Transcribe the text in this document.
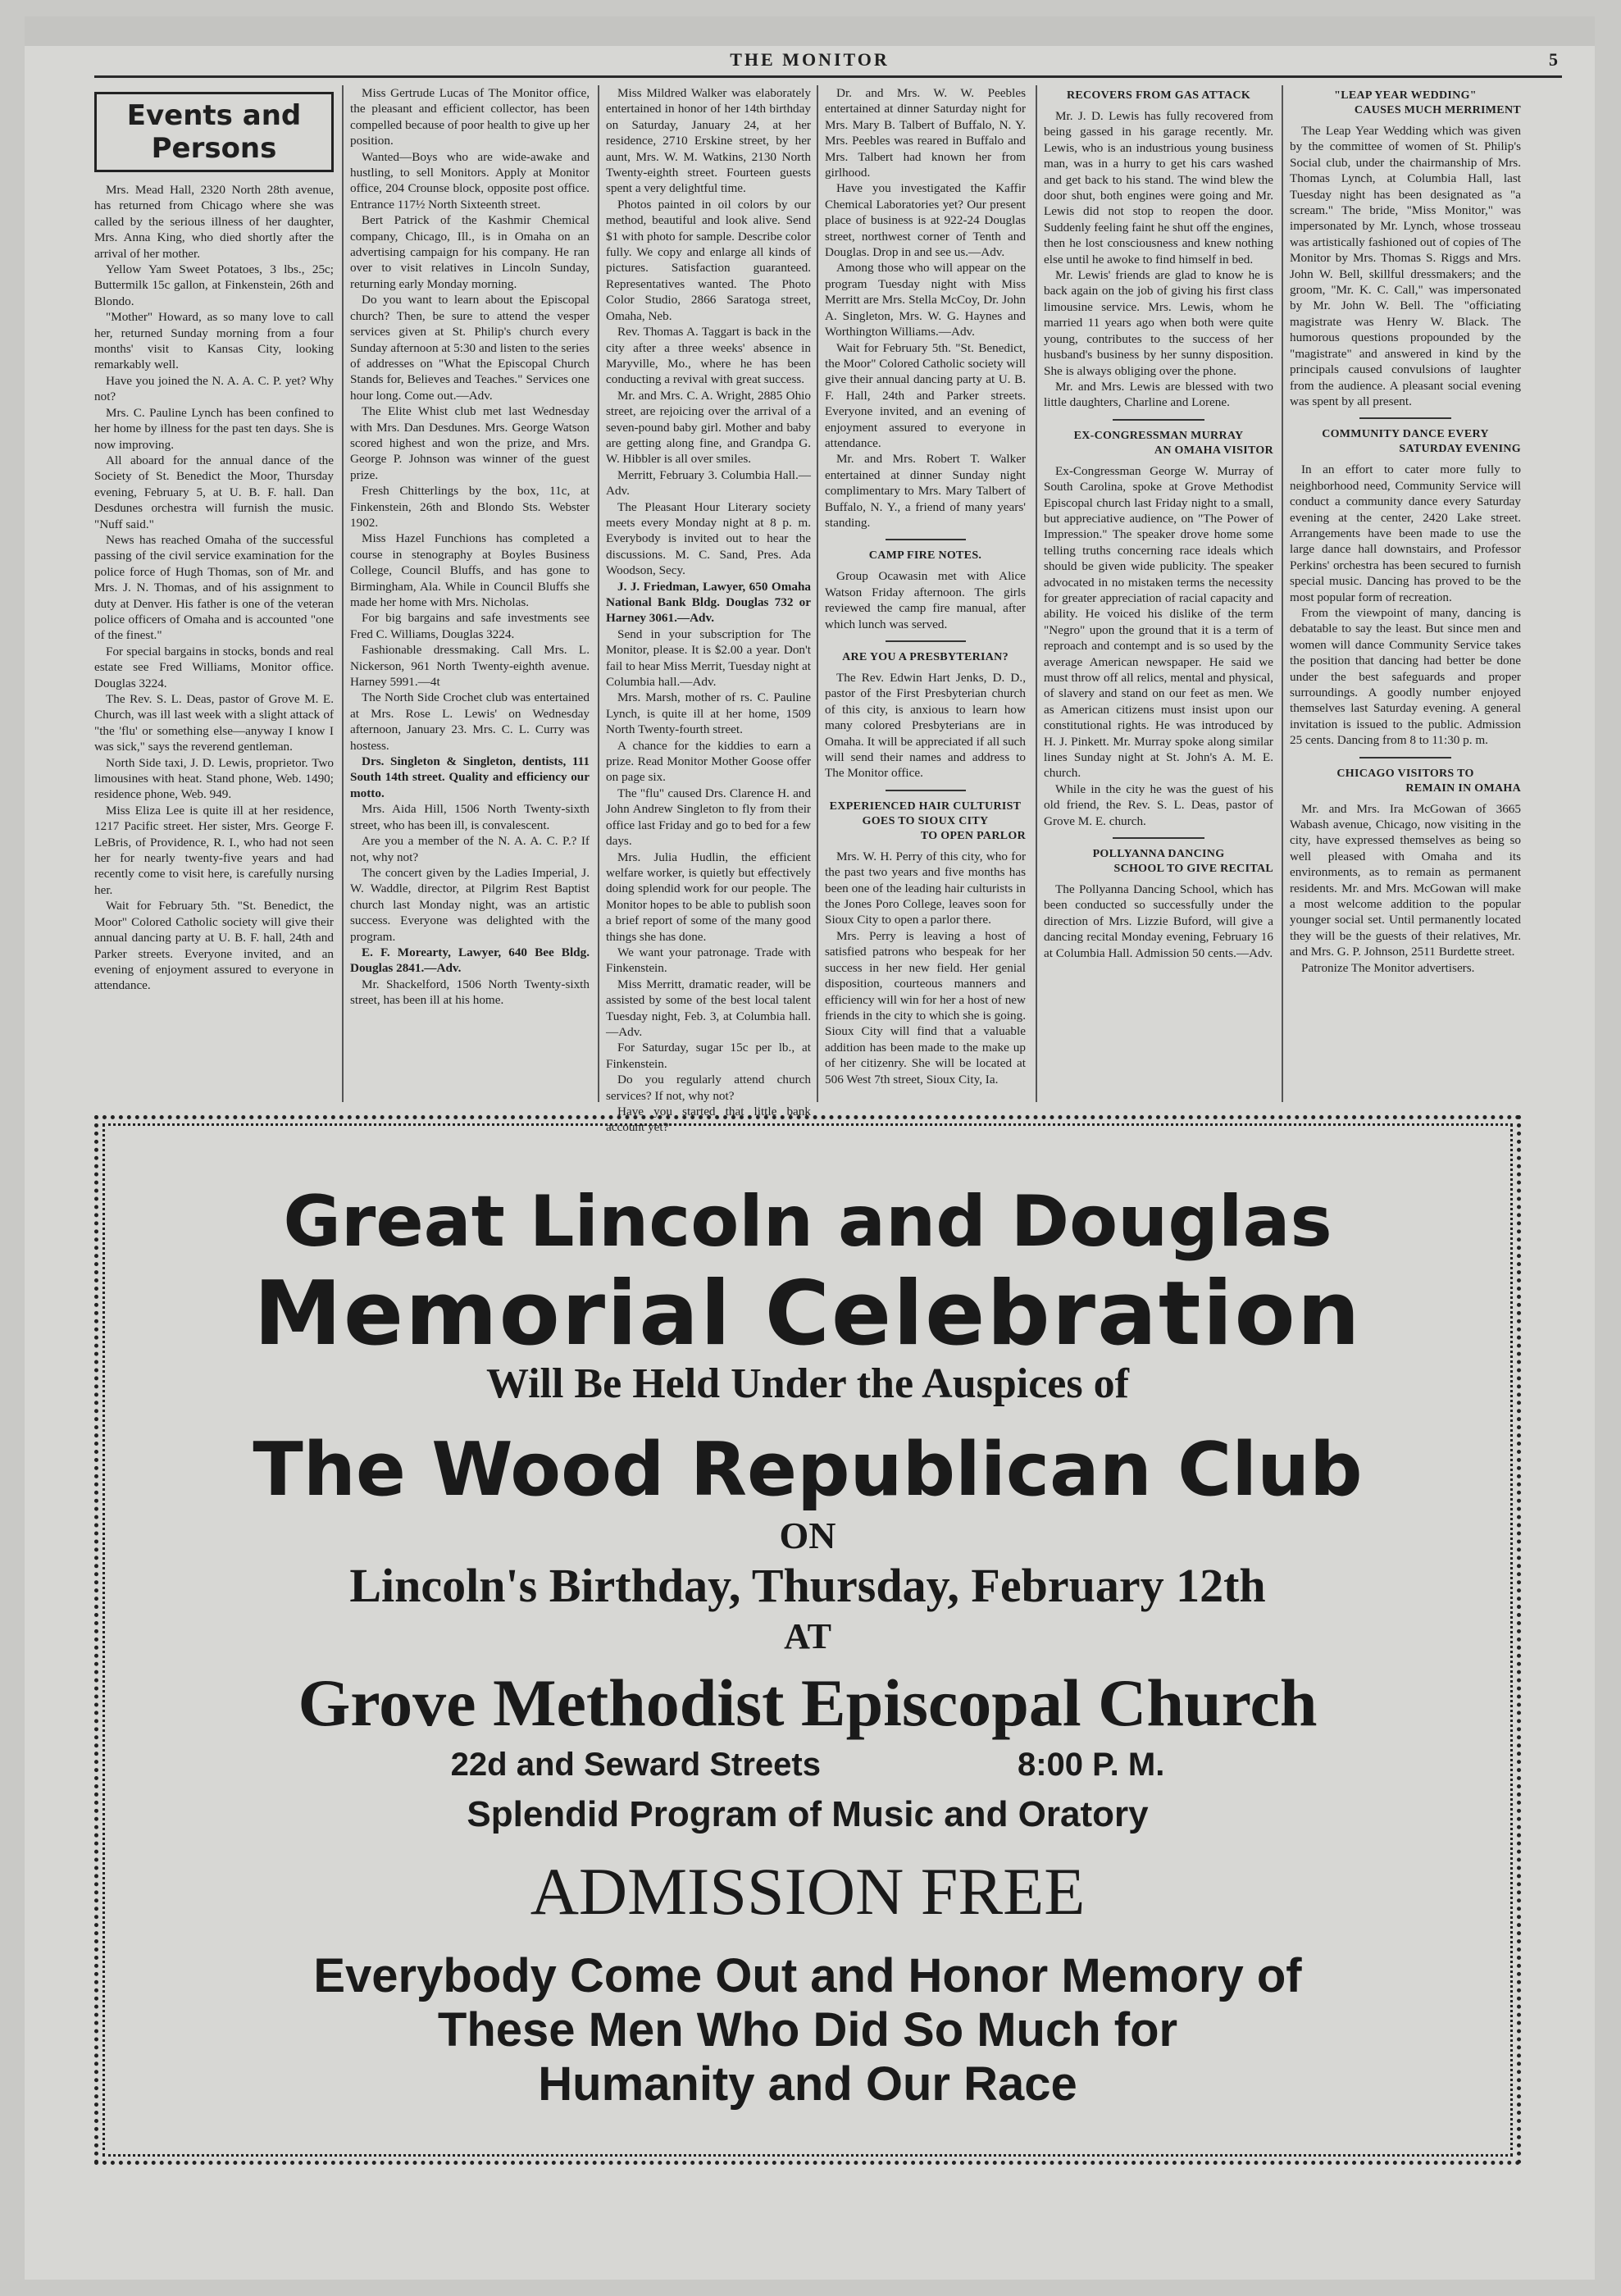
THE MONITOR	5
Events and
Persons

Mrs. Mead Hall, 2320 North 28th avenue, has returned from Chicago where she was called by the serious illness of her daughter, Mrs. Anna King, who died shortly after the arrival of her mother.

Yellow Yam Sweet Potatoes, 3 lbs., 25c; Buttermilk 15c gallon, at Finkenstein, 26th and Blondo.

"Mother" Howard, as so many love to call her, returned Sunday morning from a four months' visit to Kansas City, looking remarkably well.

Have you joined the N. A. A. C. P. yet? Why not?

Mrs. C. Pauline Lynch has been confined to her home by illness for the past ten days. She is now improving.

All aboard for the annual dance of the Society of St. Benedict the Moor, Thursday evening, February 5, at U. B. F. hall. Dan Desdunes orchestra will furnish the music. "Nuff said."

News has reached Omaha of the successful passing of the civil service examination for the police force of Hugh Thomas, son of Mr. and Mrs. J. N. Thomas, and of his assignment to duty at Denver. His father is one of the veteran police officers of Omaha and is accounted "one of the finest."

For special bargains in stocks, bonds and real estate see Fred Williams, Monitor office. Douglas 3224.

The Rev. S. L. Deas, pastor of Grove M. E. Church, was ill last week with a slight attack of "the 'flu' or something else—anyway I know I was sick," says the reverend gentleman.

North Side taxi, J. D. Lewis, proprietor. Two limousines with heat. Stand phone, Web. 1490; residence phone, Web. 949.

Miss Eliza Lee is quite ill at her residence, 1217 Pacific street. Her sister, Mrs. George F. LeBris, of Providence, R. I., who had not seen her for nearly twenty-five years and had recently come to visit here, is carefully nursing her.

Wait for February 5th. "St. Benedict, the Moor" Colored Catholic society will give their annual dancing party at U. B. F. hall, 24th and Parker streets. Everyone invited, and an evening of enjoyment assured to everyone in attendance.

Miss Gertrude Lucas of The Monitor office, the pleasant and efficient collector, has been compelled because of poor health to give up her position.

Wanted—Boys who are wide-awake and hustling, to sell Monitors. Apply at Monitor office, 204 Crounse block, opposite post office. Entrance 117½ North Sixteenth street.

Bert Patrick of the Kashmir Chemical company, Chicago, Ill., is in Omaha on an advertising campaign for his company. He ran over to visit relatives in Lincoln Sunday, returning early Monday morning.

Do you want to learn about the Episcopal church? Then, be sure to attend the vesper services given at St. Philip's church every Sunday afternoon at 5:30 and listen to the series of addresses on "What the Episcopal Church Stands for, Believes and Teaches." Services one hour long. Come out.—Adv.

The Elite Whist club met last Wednesday with Mrs. Dan Desdunes. Mrs. George Watson scored highest and won the prize, and Mrs. George P. Johnson was winner of the guest prize.

Fresh Chitterlings by the box, 11c, at Finkenstein, 26th and Blondo Sts. Webster 1902.

Miss Hazel Funchions has completed a course in stenography at Boyles Business College, Council Bluffs, and has gone to Birmingham, Ala. While in Council Bluffs she made her home with Mrs. Nicholas.

For big bargains and safe investments see Fred C. Williams, Douglas 3224.

Fashionable dressmaking. Call Mrs. L. Nickerson, 961 North Twenty-eighth avenue. Harney 5991.—4t

The North Side Crochet club was entertained at Mrs. Rose L. Lewis' on Wednesday afternoon, January 23. Mrs. C. L. Curry was hostess.

Drs. Singleton & Singleton, dentists, 111 South 14th street. Quality and efficiency our motto.

Mrs. Aida Hill, 1506 North Twenty-sixth street, who has been ill, is convalescent.

Are you a member of the N. A. A. C. P.? If not, why not?

The concert given by the Ladies Imperial, J. W. Waddle, director, at Pilgrim Rest Baptist church last Monday night, was an artistic success. Everyone was delighted with the program.

E. F. Morearty, Lawyer, 640 Bee Bldg. Douglas 2841.—Adv.

Mr. Shackelford, 1506 North Twenty-sixth street, has been ill at his home.

Miss Mildred Walker was elaborately entertained in honor of her 14th birthday on Saturday, January 24, at her residence, 2710 Erskine street, by her aunt, Mrs. W. M. Watkins, 2130 North Twenty-eighth street. Fourteen guests spent a very delightful time.

Photos painted in oil colors by our method, beautiful and look alive. Send $1 with photo for sample. Describe color fully. We copy and enlarge all kinds of pictures. Satisfaction guaranteed. Representatives wanted. The Photo Color Studio, 2866 Saratoga street, Omaha, Neb.

Rev. Thomas A. Taggart is back in the city after a three weeks' absence in Maryville, Mo., where he has been conducting a revival with great success.

Mr. and Mrs. C. A. Wright, 2885 Ohio street, are rejoicing over the arrival of a seven-pound baby girl. Mother and baby are getting along fine, and Grandpa G. W. Hibbler is all over smiles.

Merritt, February 3. Columbia Hall.—Adv.

The Pleasant Hour Literary society meets every Monday night at 8 p. m. Everybody is invited out to hear the discussions. M. C. Sand, Pres. Ada Woodson, Secy.

J. J. Friedman, Lawyer, 650 Omaha National Bank Bldg. Douglas 732 or Harney 3061.—Adv.

Send in your subscription for The Monitor, please. It is $2.00 a year. Don't fail to hear Miss Merrit, Tuesday night at Columbia hall.—Adv.

Mrs. Marsh, mother of rs. C. Pauline Lynch, is quite ill at her home, 1509 North Twenty-fourth street.

A chance for the kiddies to earn a prize. Read Monitor Mother Goose offer on page six.

The "flu" caused Drs. Clarence H. and John Andrew Singleton to fly from their office last Friday and go to bed for a few days.

Mrs. Julia Hudlin, the efficient welfare worker, is quietly but effectively doing splendid work for our people. The Monitor hopes to be able to publish soon a brief report of some of the many good things she has done.

We want your patronage. Trade with Finkenstein.

Miss Merritt, dramatic reader, will be assisted by some of the best local talent Tuesday night, Feb. 3, at Columbia hall.—Adv.

For Saturday, sugar 15c per lb., at Finkenstein.

Do you regularly attend church services? If not, why not?

Have you started that little bank account yet?

Dr. and Mrs. W. W. Peebles entertained at dinner Saturday night for Mrs. Mary B. Talbert of Buffalo, N. Y. Mrs. Peebles was reared in Buffalo and Mrs. Talbert had known her from girlhood.

Have you investigated the Kaffir Chemical Laboratories yet? Our present place of business is at 922-24 Douglas street, northwest corner of Tenth and Douglas. Drop in and see us.—Adv.

Among those who will appear on the program Tuesday night with Miss Merritt are Mrs. Stella McCoy, Dr. John A. Singleton, Mrs. W. G. Haynes and Worthington Williams.—Adv.

Wait for February 5th. "St. Benedict, the Moor" Colored Catholic society will give their annual dancing party at U. B. F. Hall, 24th and Parker streets. Everyone invited, and an evening of enjoyment assured to everyone in attendance.

Mr. and Mrs. Robert T. Walker entertained at dinner Sunday night complimentary to Mrs. Mary Talbert of Buffalo, N. Y., a friend of many years' standing.

CAMP FIRE NOTES.

Group Ocawasin met with Alice Watson Friday afternoon. The girls reviewed the camp fire manual, after which lunch was served.

ARE YOU A PRESBYTERIAN?

The Rev. Edwin Hart Jenks, D. D., pastor of the First Presbyterian church of this city, is anxious to learn how many colored Presbyterians are in Omaha. It will be appreciated if all such will send their names and address to The Monitor office.

EXPERIENCED HAIR CULTURIST
GOES TO SIOUX CITY
TO OPEN PARLOR

Mrs. W. H. Perry of this city, who for the past two years and five months has been one of the leading hair culturists in the Jones Poro College, leaves soon for Sioux City to open a parlor there.

Mrs. Perry is leaving a host of satisfied patrons who bespeak for her success in her new field. Her genial disposition, courteous manners and efficiency will win for her a host of new friends in the city to which she is going. Sioux City will find that a valuable addition has been made to the make up of her citizenry. She will be located at 506 West 7th street, Sioux City, Ia.

RECOVERS FROM GAS ATTACK

Mr. J. D. Lewis has fully recovered from being gassed in his garage recently. Mr. Lewis, who is an industrious young business man, was in a hurry to get his cars washed and get back to his stand. The wind blew the door shut, both engines were going and Mr. Lewis did not stop to reopen the door. Suddenly feeling faint he shut off the engines, then he lost consciousness and knew nothing else until he awoke to find himself in bed.

Mr. Lewis' friends are glad to know he is back again on the job of giving his first class limousine service. Mrs. Lewis, whom he married 11 years ago when both were quite young, contributes to the success of her husband's business by her sunny disposition. She is always obliging over the phone.

Mr. and Mrs. Lewis are blessed with two little daughters, Charline and Lorene.

EX-CONGRESSMAN MURRAY
AN OMAHA VISITOR

Ex-Congressman George W. Murray of South Carolina, spoke at Grove Methodist Episcopal church last Friday night to a small, but appreciative audience, on "The Power of Impression." The speaker drove home some telling truths concerning race ideals which should be given wide publicity. The speaker advocated in no mistaken terms the necessity for greater appreciation of racial capacity and ability. He voiced his dislike of the term "Negro" upon the ground that it is a term of reproach and contempt and is so used by the average American newspaper. He said we must throw off all relics, mental and physical, of slavery and stand on our feet as men. We as American citizens must insist upon our constitutional rights. He was introduced by H. J. Pinkett. Mr. Murray spoke along similar lines Sunday night at St. John's A. M. E. church.

While in the city he was the guest of his old friend, the Rev. S. L. Deas, pastor of Grove M. E. church.

POLLYANNA DANCING
SCHOOL TO GIVE RECITAL

The Pollyanna Dancing School, which has been conducted so successfully under the direction of Mrs. Lizzie Buford, will give a dancing recital Monday evening, February 16 at Columbia Hall. Admission 50 cents.—Adv.

"LEAP YEAR WEDDING"
CAUSES MUCH MERRIMENT

The Leap Year Wedding which was given by the committee of women of St. Philip's Social club, under the chairmanship of Mrs. Thomas Lynch, at Columbia Hall, last Tuesday night has been designated as "a scream." The bride, "Miss Monitor," was impersonated by Mr. Lynch, whose trosseau was artistically fashioned out of copies of The Monitor by Mrs. Thomas S. Riggs and Mrs. John W. Bell, skillful dressmakers; and the groom, "Mr. K. C. Call," was impersonated by Mr. John W. Bell. The "officiating magistrate was Henry W. Black. The humorous questions propounded by the "magistrate" and answered in kind by the principals caused convulsions of laughter from the audience. A pleasant social evening was spent by all present.

COMMUNITY DANCE EVERY
SATURDAY EVENING

In an effort to cater more fully to neighborhood need, Community Service will conduct a community dance every Saturday evening at the center, 2420 Lake street. Arrangements have been made to use the large dance hall downstairs, and Professor Perkins' orchestra has been secured to furnish special music. Dancing has proved to be the most popular form of recreation.

From the viewpoint of many, dancing is debatable to say the least. But since men and women will dance Community Service takes the position that dancing had better be done under the best safeguards and proper surroundings. A goodly number enjoyed themselves last Saturday evening. A general invitation is issued to the public. Admission 25 cents. Dancing from 8 to 11:30 p. m.

CHICAGO VISITORS TO
REMAIN IN OMAHA

Mr. and Mrs. Ira McGowan of 3665 Wabash avenue, Chicago, now visiting in the city, have expressed themselves as being so well pleased with Omaha and its environments, as to remain as permanent residents. Mr. and Mrs. McGowan will make a most welcome addition to the popular younger social set. Until permanently located they will be the guests of their relatives, Mr. and Mrs. G. P. Johnson, 2511 Burdette street.

Patronize The Monitor advertisers.

Great Lincoln and Douglas
Memorial Celebration
Will Be Held Under the Auspices of
The Wood Republican Club
ON
Lincoln's Birthday, Thursday, February 12th
AT
Grove Methodist Episcopal Church
22d and Seward Streets	8:00 P. M.
Splendid Program of Music and Oratory
ADMISSION FREE
Everybody Come Out and Honor Memory of
These Men Who Did So Much for
Humanity and Our Race
